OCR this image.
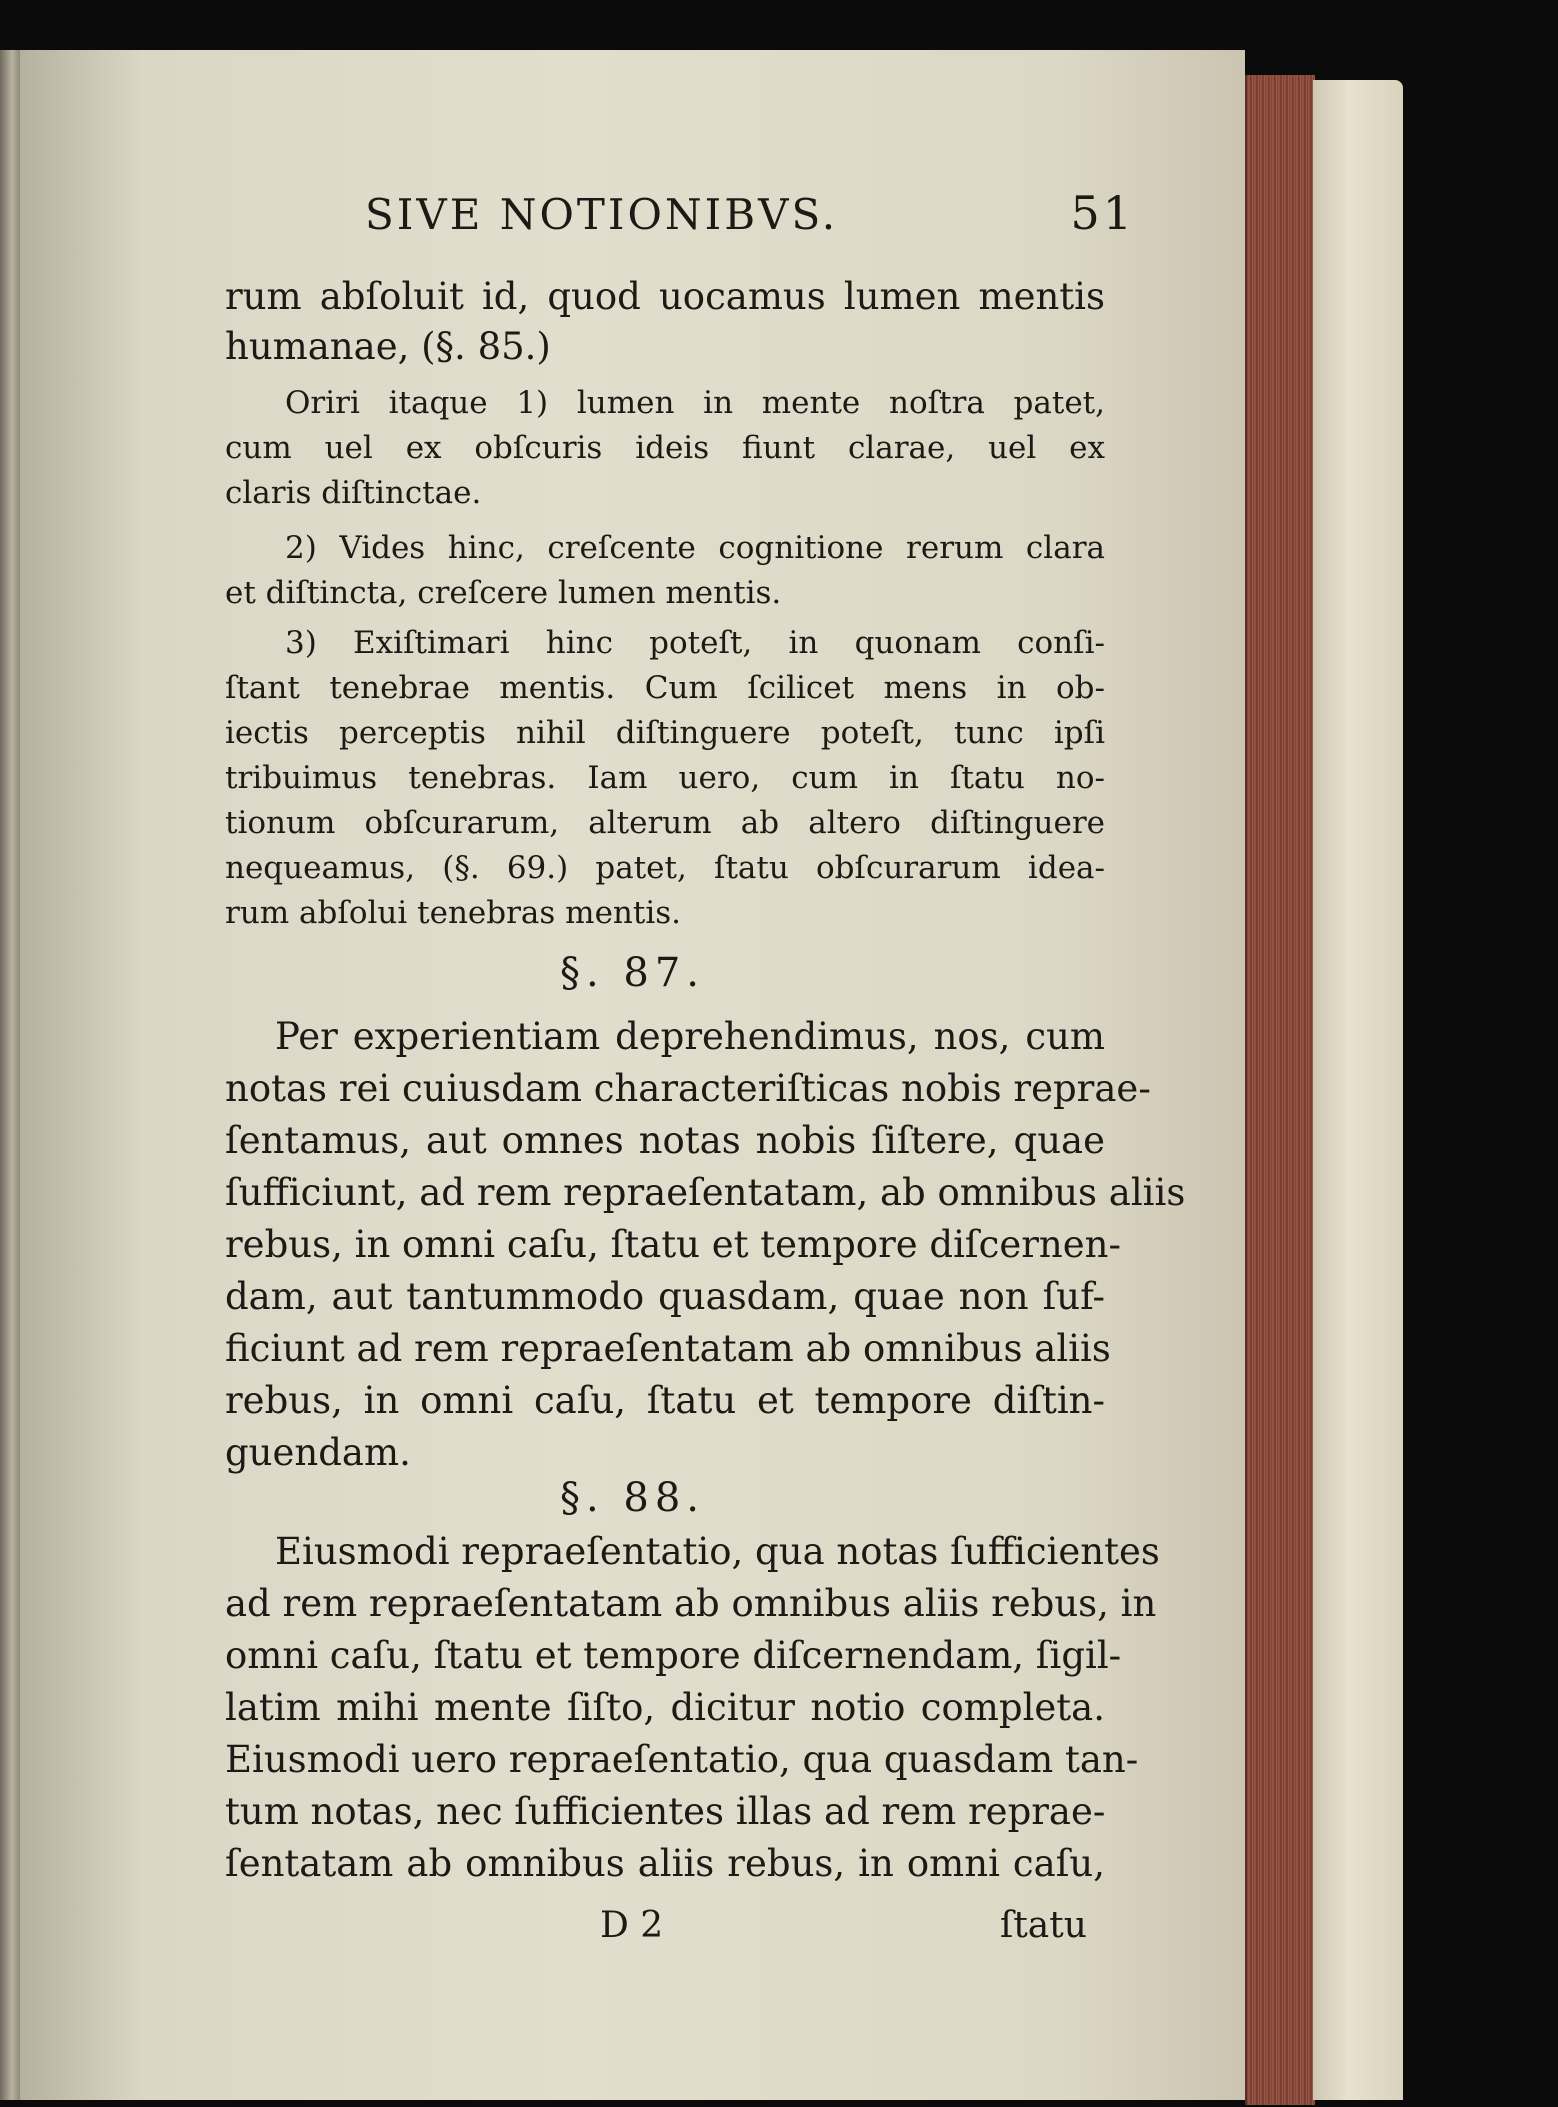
SIVE NOTIONIBVS.	51
rum abſoluit id, quod uocamus lumen mentis
humanae, (§. 85.)
Oriri itaque 1) lumen in mente noſtra patet,
cum uel ex obſcuris ideis fiunt clarae, uel ex
claris diſtinctae.
2) Vides hinc, creſcente cognitione rerum clara
et diſtincta, creſcere lumen mentis.
3) Exiſtimari hinc poteſt, in quonam conſi-
ſtant tenebrae mentis. Cum ſcilicet mens in ob-
iectis perceptis nihil diſtinguere poteſt, tunc ipſi
tribuimus tenebras. Iam uero, cum in ſtatu no-
tionum obſcurarum, alterum ab altero diſtinguere
nequeamus, (§. 69.) patet, ſtatu obſcurarum idea-
rum abſolui tenebras mentis.
§. 87.
Per experientiam deprehendimus, nos, cum
notas rei cuiusdam characteriſticas nobis reprae-
ſentamus, aut omnes notas nobis ſiſtere, quae
ſufficiunt, ad rem repraeſentatam, ab omnibus aliis
rebus, in omni caſu, ſtatu et tempore diſcernen-
dam, aut tantummodo quasdam, quae non ſuf-
ficiunt ad rem repraeſentatam ab omnibus aliis
rebus, in omni caſu, ſtatu et tempore diſtin-
guendam.
§. 88.
Eiusmodi repraeſentatio, qua notas ſufficientes
ad rem repraeſentatam ab omnibus aliis rebus, in
omni caſu, ſtatu et tempore diſcernendam, ſigil-
latim mihi mente ſiſto, dicitur notio completa.
Eiusmodi uero repraeſentatio, qua quasdam tan-
tum notas, nec ſufficientes illas ad rem reprae-
ſentatam ab omnibus aliis rebus, in omni caſu,
D 2	ſtatu
